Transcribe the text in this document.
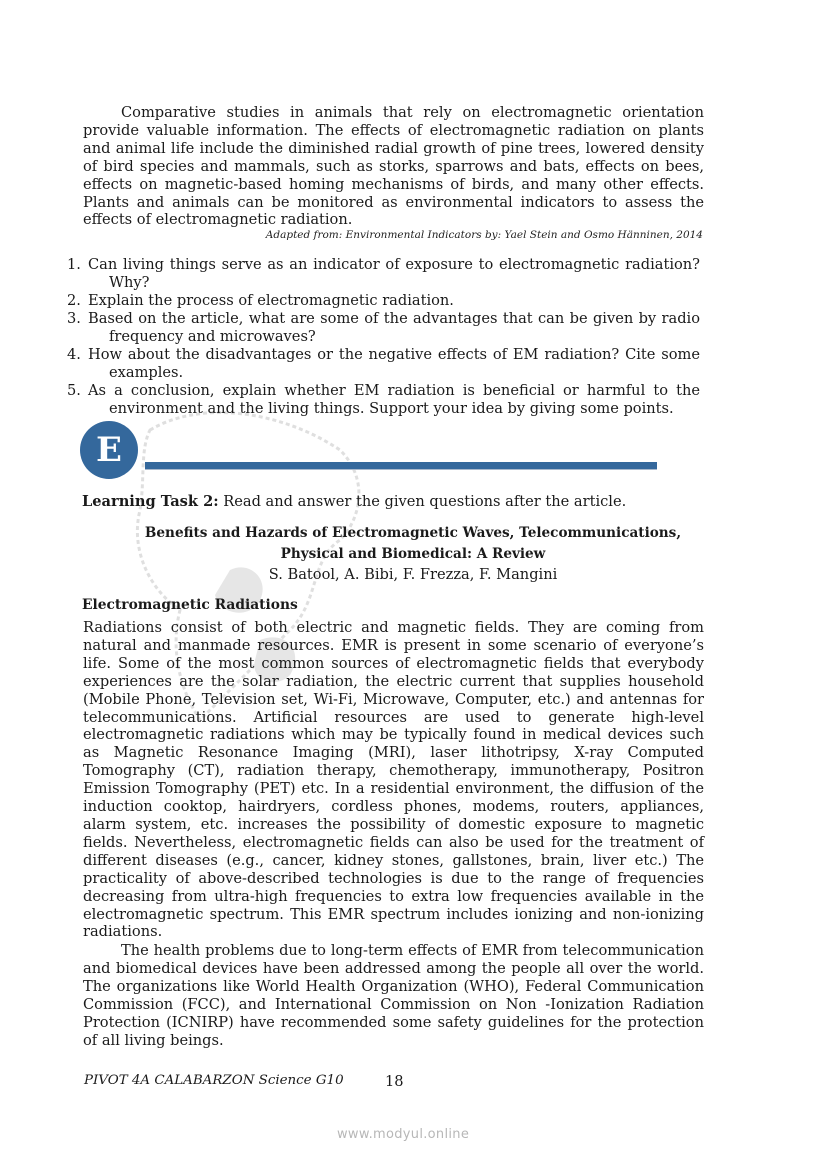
Comparative studies in animals that rely on electromagnetic orientation provide valuable information. The effects of electromagnetic radiation on plants and animal life include the diminished radial growth of pine trees, lowered density of bird species and mammals, such as storks, sparrows and bats, effects on bees, effects on magnetic-based homing mechanisms of birds, and many other effects. Plants and animals can be monitored as environmental indicators to assess the effects of electromagnetic radiation.

Adapted from: Environmental Indicators by: Yael Stein and Osmo Hänninen, 2014
1. Can living things serve as an indicator of exposure to electromagnetic radiation? Why?
2.Explain the process of electromagnetic radiation.
3.Based on the article, what are some of the advantages that can be given by radio frequency and microwaves?
4.How about the disadvantages or the negative effects of EM radiation? Cite some examples.
5.As a conclusion, explain whether EM radiation is beneficial or harmful to the environment and the living things. Support your idea by giving some points.
E
Learning Task 2: Read and answer the given questions after the article.
Benefits and Hazards of Electromagnetic Waves, Telecommunications,
Physical and Biomedical: A Review
S. Batool, A. Bibi, F. Frezza, F. Mangini
Electromagnetic Radiations

Radiations consist of both electric and magnetic fields. They are coming from natural and manmade resources. EMR is present in some scenario of everyone’s life. Some of the most common sources of electromagnetic fields that everybody experiences are the solar radiation, the electric current that supplies household (Mobile Phone, Television set, Wi-Fi, Microwave, Computer, etc.) and antennas for telecommunications. Artificial resources are used to generate high-level electromagnetic radiations which may be typically found in medical devices such as Magnetic Resonance Imaging (MRI), laser lithotripsy, X-ray Computed Tomography (CT), radiation therapy, chemotherapy, immunotherapy, Positron Emission Tomography (PET) etc. In a residential environment, the diffusion of the induction cooktop, hairdryers, cordless phones, modems, routers, appliances, alarm system, etc. increases the possibility of domestic exposure to magnetic fields. Nevertheless, electromagnetic fields can also be used for the treatment of different diseases (e.g., cancer, kidney stones, gallstones, brain, liver etc.) The practicality of above-described technologies is due to the range of frequencies decreasing from ultra-high frequencies to extra low frequencies available in the electromagnetic spectrum. This EMR spectrum includes ionizing and non-ionizing radiations.

The health problems due to long-term effects of EMR from telecommunication and biomedical devices have been addressed among the people all over the world. The organizations like World Health Organization (WHO), Federal Communication Commission (FCC), and International Commission on Non -Ionization Radiation Protection (ICNIRP) have recommended some safety guidelines for the protection of all living beings.

PIVOT 4A CALABARZON Science G10	18
www.modyul.online
